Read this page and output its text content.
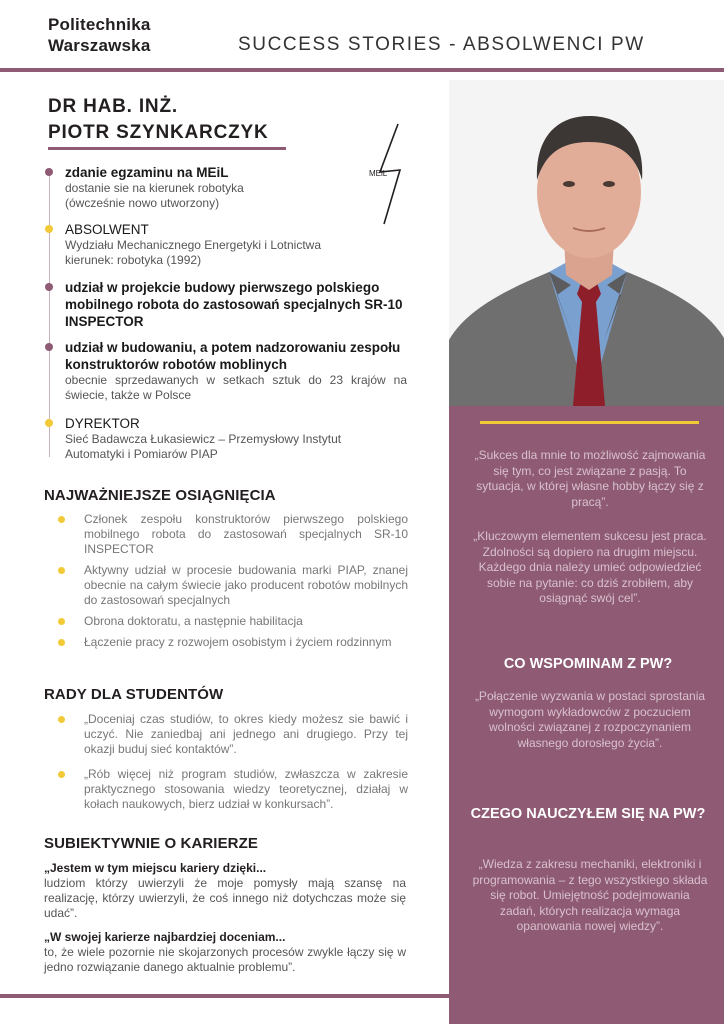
Politechnika
Warszawska	SUCCESS STORIES - ABSOLWENCI PW
DR HAB. INŻ.
PIOTR SZYNKARCZYK
MEiL
zdanie egzaminu na MEiL
dostanie sie na kierunek robotyka (ówcześnie nowo utworzony)
ABSOLWENT
Wydziału Mechanicznego Energetyki i Lotnictwa kierunek: robotyka (1992)
udział w projekcie budowy pierwszego polskiego mobilnego robota do zastosowań specjalnych SR-10 INSPECTOR
udział w budowaniu, a potem nadzorowaniu zespołu konstruktorów robotów moblinych
obecnie sprzedawanych w setkach sztuk do 23 krajów na świecie, także w Polsce
DYREKTOR
Sieć Badawcza Łukasiewicz – Przemysłowy Instytut Automatyki i Pomiarów PIAP
NAJWAŻNIEJSZE OSIĄGNIĘCIA
Członek zespołu konstruktorów pierwszego polskiego mobilnego robota do zastosowań specjalnych SR-10 INSPECTOR
Aktywny udział w procesie budowania marki PIAP, znanej obecnie na całym świecie jako producent robotów mobilnych do zastosowań specjalnych
Obrona doktoratu, a następnie habilitacja
Łączenie pracy z rozwojem osobistym i życiem rodzinnym
RADY DLA STUDENTÓW
„Doceniaj czas studiów, to okres kiedy możesz sie bawić i uczyć. Nie zaniedbaj ani jednego ani drugiego. Przy tej okazji buduj sieć kontaktów”.
„Rób więcej niż program studiów, zwłaszcza w zakresie praktycznego stosowania wiedzy teoretycznej, działaj w kołach naukowych, bierz udział w konkursach”.
SUBIEKTYWNIE O KARIERZE
„Jestem w tym miejscu kariery dzięki...
ludziom którzy uwierzyli że moje pomysły mają szansę na realizację, którzy uwierzyli, że coś innego niż dotychczas może się udać”.
„W swojej karierze najbardziej doceniam...
to, że wiele pozornie nie skojarzonych procesów zwykle łączy się w jedno rozwiązanie danego aktualnie problemu”.
„Sukces dla mnie to możliwość zajmowania się tym, co jest związane z pasją. To sytuacja, w której własne hobby łączy się z pracą”.
„Kluczowym elementem sukcesu jest praca. Zdolności są dopiero na drugim miejscu. Każdego dnia należy umieć odpowiedzieć sobie na pytanie: co dziś zrobiłem, aby osiągnąć swój cel”.
CO WSPOMINAM Z PW?
„Połączenie wyzwania w postaci sprostania wymogom wykładowców z poczuciem wolności związanej z rozpoczynaniem własnego dorosłego życia”.
CZEGO NAUCZYŁEM SIĘ NA PW?
„Wiedza z zakresu mechaniki, elektroniki i programowania – z tego wszystkiego składa się robot. Umiejętność podejmowania zadań, których realizacja wymaga opanowania nowej wiedzy”.
